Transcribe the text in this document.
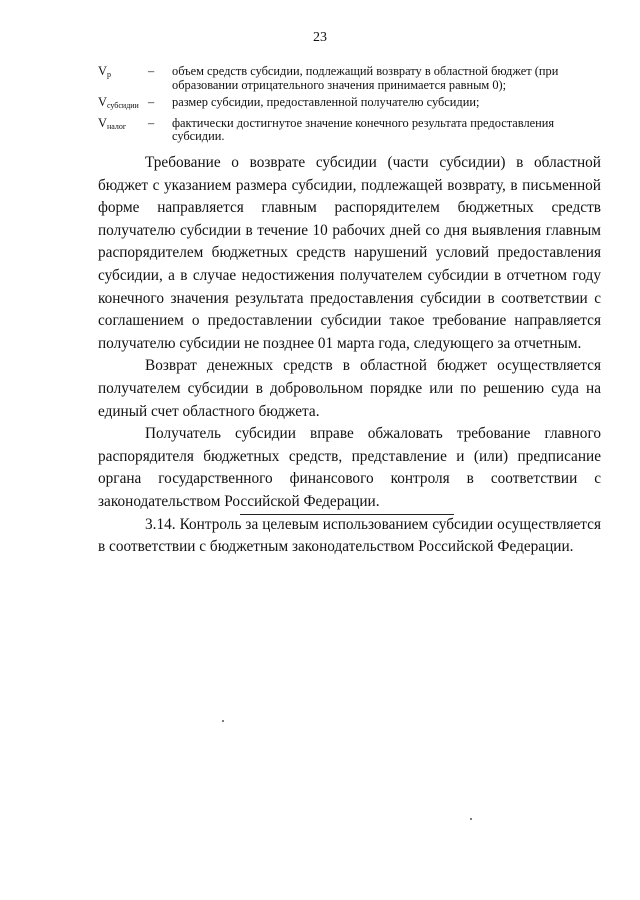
23
$V_р$	–	объем средств субсидии, подлежащий возврату в областной бюджет (при образовании отрицательного значения принимается равным 0);
$V_{субсидии}$ –	размер субсидии, предоставленной получателю субсидии;
$V_{налог}$	–	фактически достигнутое значение конечного результата предоставления субсидии.

Требование о возврате субсидии (части субсидии) в областной бюджет с указанием размера субсидии, подлежащей возврату, в письменной форме направляется главным распорядителем бюджетных средств получателю субсидии в течение 10 рабочих дней со дня выявления главным распорядителем бюджетных средств нарушений условий предоставления субсидии, а в случае недостижения получателем субсидии в отчетном году конечного значения результата предоставления субсидии в соответствии с соглашением о предоставлении субсидии такое требование направляется получателю субсидии не позднее 01 марта года, следующего за отчетным.

Возврат денежных средств в областной бюджет осуществляется получателем субсидии в добровольном порядке или по решению суда на единый счет областного бюджета.

Получатель субсидии вправе обжаловать требование главного распорядителя бюджетных средств, представление и (или) предписание органа государственного финансового контроля в соответствии с законодательством Российской Федерации.

3.14. Контроль за целевым использованием субсидии осуществляется в соответствии с бюджетным законодательством Российской Федерации.
